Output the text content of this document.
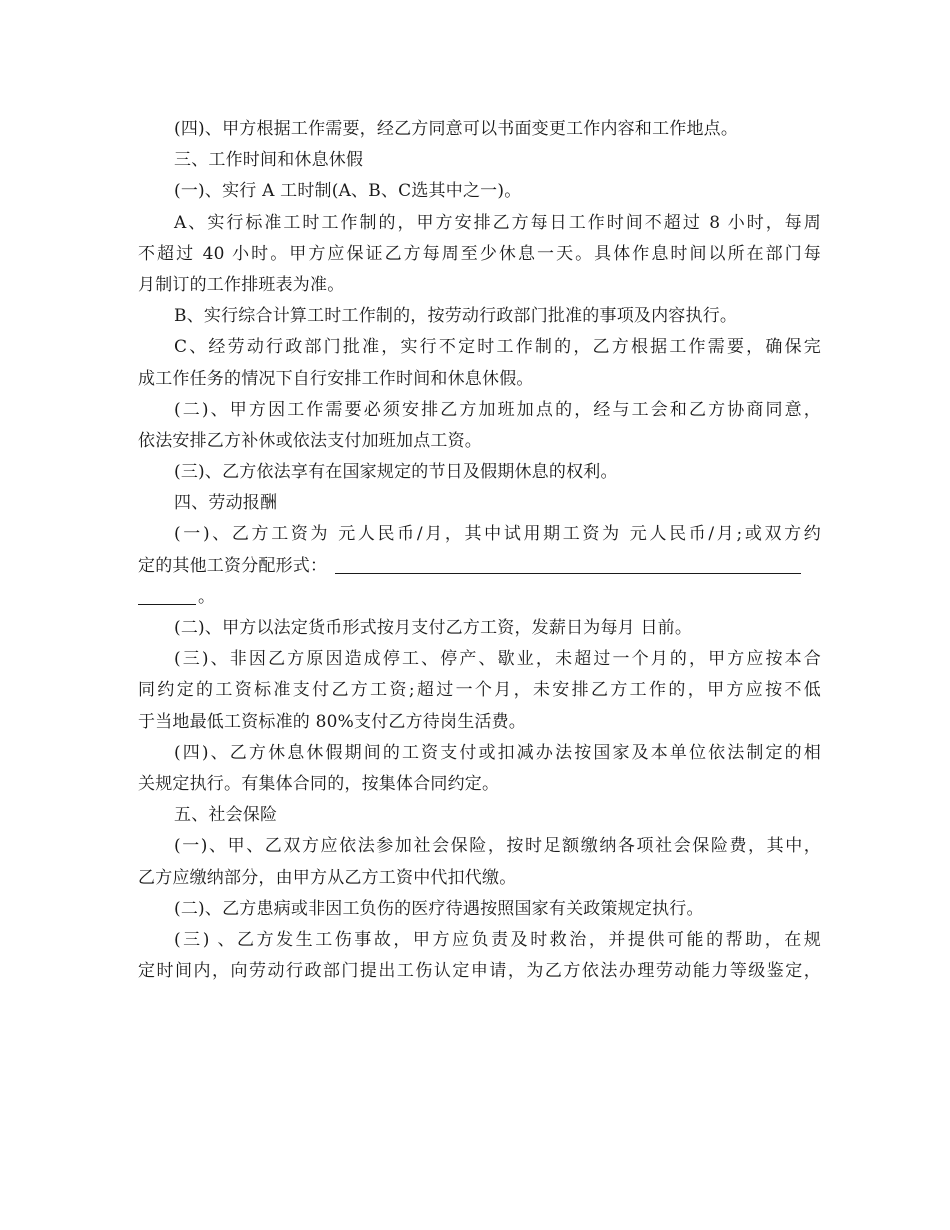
(四)、甲方根据工作需要，经乙方同意可以书面变更工作内容和工作地点。
三、工作时间和休息休假
(一)、实行 A 工时制(A、B、C选其中之一)。
A、实行标准工时工作制的，甲方安排乙方每日工作时间不超过 8 小时，每周
不超过 40 小时。甲方应保证乙方每周至少休息一天。具体作息时间以所在部门每
月制订的工作排班表为准。
B、实行综合计算工时工作制的，按劳动行政部门批准的事项及内容执行。
C、经劳动行政部门批准，实行不定时工作制的，乙方根据工作需要，确保完
成工作任务的情况下自行安排工作时间和休息休假。
(二)、甲方因工作需要必须安排乙方加班加点的，经与工会和乙方协商同意，
依法安排乙方补休或依法支付加班加点工资。
(三)、乙方依法享有在国家规定的节日及假期休息的权利。
四、劳动报酬
(一)、乙方工资为 元人民币/月，其中试用期工资为 元人民币/月;或双方约
定的其他工资分配形式：
。
(二)、甲方以法定货币形式按月支付乙方工资，发薪日为每月 日前。
(三)、非因乙方原因造成停工、停产、歇业，未超过一个月的，甲方应按本合
同约定的工资标准支付乙方工资;超过一个月，未安排乙方工作的，甲方应按不低
于当地最低工资标准的 80%支付乙方待岗生活费。
(四)、乙方休息休假期间的工资支付或扣减办法按国家及本单位依法制定的相
关规定执行。有集体合同的，按集体合同约定。
五、社会保险
(一)、甲、乙双方应依法参加社会保险，按时足额缴纳各项社会保险费，其中，
乙方应缴纳部分，由甲方从乙方工资中代扣代缴。
(二)、乙方患病或非因工负伤的医疗待遇按照国家有关政策规定执行。
(三) 、乙方发生工伤事故，甲方应负责及时救治，并提供可能的帮助，在规
定时间内，向劳动行政部门提出工伤认定申请，为乙方依法办理劳动能力等级鉴定，
